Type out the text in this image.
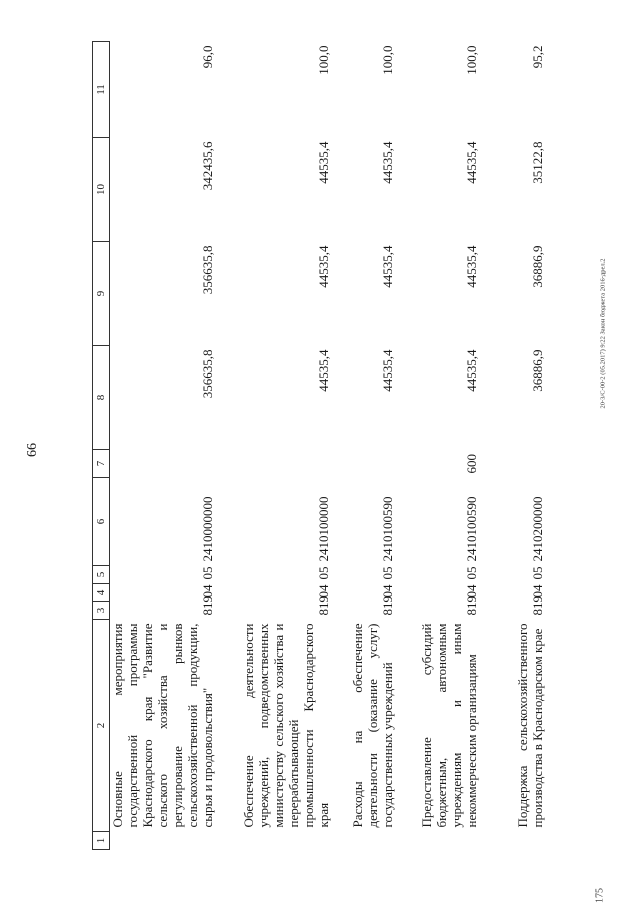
66
20-3/С-00-2 (05.2017) 9:22 Закон бюджета 2016-дрел.2
175
1	2	3	4	5	6	7	8	9	10	11
	Основные мероприятия государственной программы Краснодарского края "Развитие сельского хозяйства и регулирование рынков сельскохозяйственной продукции, сырья и продовольствия"	819	04	05	2410000000		356635,8	356635,8	342435,6	96,0
	Обеспечение деятельности учреждений, подведомственных министерству сельского хозяйства и перерабатывающей промышленности Краснодарского края	819	04	05	2410100000		44535,4	44535,4	44535,4	100,0
	Расходы на обеспечение деятельности (оказание услуг) государственных учреждений	819	04	05	2410100590		44535,4	44535,4	44535,4	100,0
	Предоставление субсидий бюджетным, автономным учреждениям и иным некоммерческим организациям	819	04	05	2410100590	600	44535,4	44535,4	44535,4	100,0
	Поддержка сельскохозяйственного производства в Краснодарском крае	819	04	05	2410200000		36886,9	36886,9	35122,8	95,2
